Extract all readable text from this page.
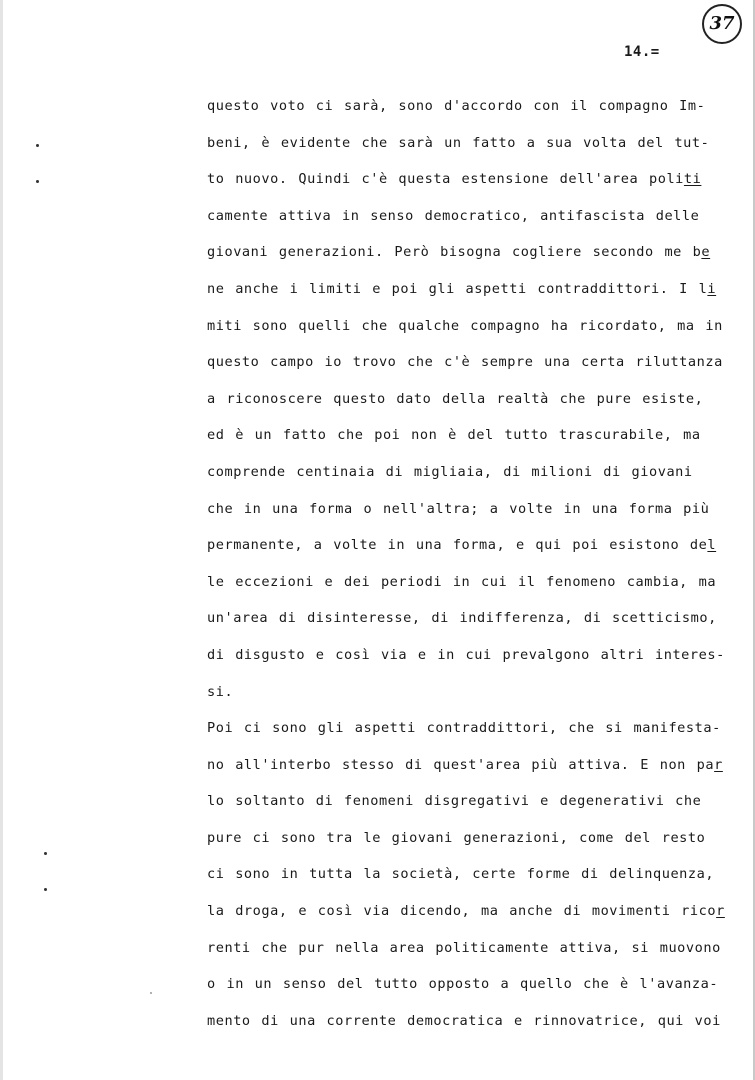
37
14.=
questo voto ci sarà, sono d'accordo con il compagno Im-
beni, è evidente che sarà un fatto a sua volta del tut-
to nuovo. Quindi c'è questa estensione dell'area politi
camente attiva in senso democratico, antifascista delle
giovani generazioni. Però bisogna cogliere secondo me be
ne anche i limiti e poi gli aspetti contraddittori. I li
miti sono quelli che qualche compagno ha ricordato, ma in
questo campo io trovo che c'è sempre una certa riluttanza
a riconoscere questo dato della realtà che pure esiste,
ed è un fatto che poi non è del tutto trascurabile, ma
comprende centinaia di migliaia, di milioni di giovani
che in una forma o nell'altra; a volte in una forma più
permanente, a volte in una forma, e qui poi esistono del
le eccezioni e dei periodi in cui il fenomeno cambia, ma
un'area di disinteresse, di indifferenza, di scetticismo,
di disgusto e così via e in cui prevalgono altri interes-
si.
Poi ci sono gli aspetti contraddittori, che si manifesta-
no all'interbo stesso di quest'area più attiva. E non par
lo soltanto di fenomeni disgregativi e degenerativi che
pure ci sono tra le giovani generazioni, come del resto
ci sono in tutta la società, certe forme di delinquenza,
la droga, e così via dicendo, ma anche di movimenti ricor
renti che pur nella area politicamente attiva, si muovono
o in un senso del tutto opposto a quello che è l'avanza-
mento di una corrente democratica e rinnovatrice, qui voi
